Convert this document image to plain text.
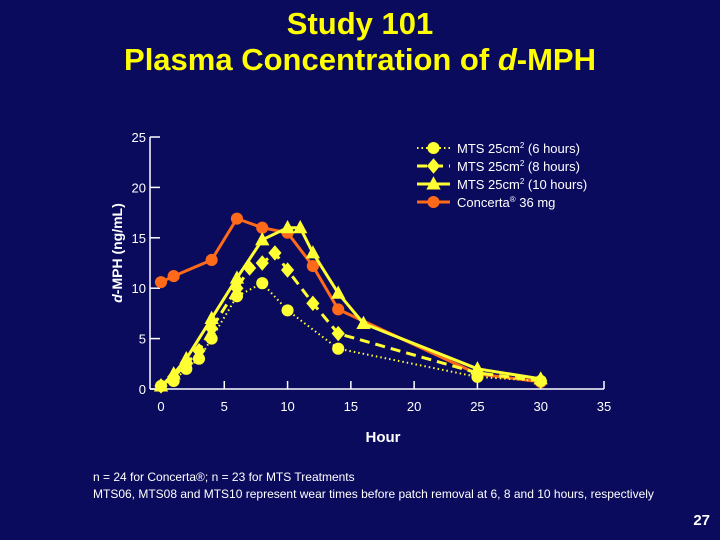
Study 101
Plasma Concentration of d-MPH
0
5
10
15
20
25
0	5	10	15	20	25	30	35
MTS $25cm^2$ (6 hours)
MTS $25cm^2$ (8 hours)
MTS $25cm^2$ (10 hours)
Concerta® 36 mg
d-MPH (ng/mL)
Hour
n = 24 for Concerta®; n = 23 for MTS Treatments
MTS06, MTS08 and MTS10 represent wear times before patch removal at 6, 8 and 10 hours, respectively
27
